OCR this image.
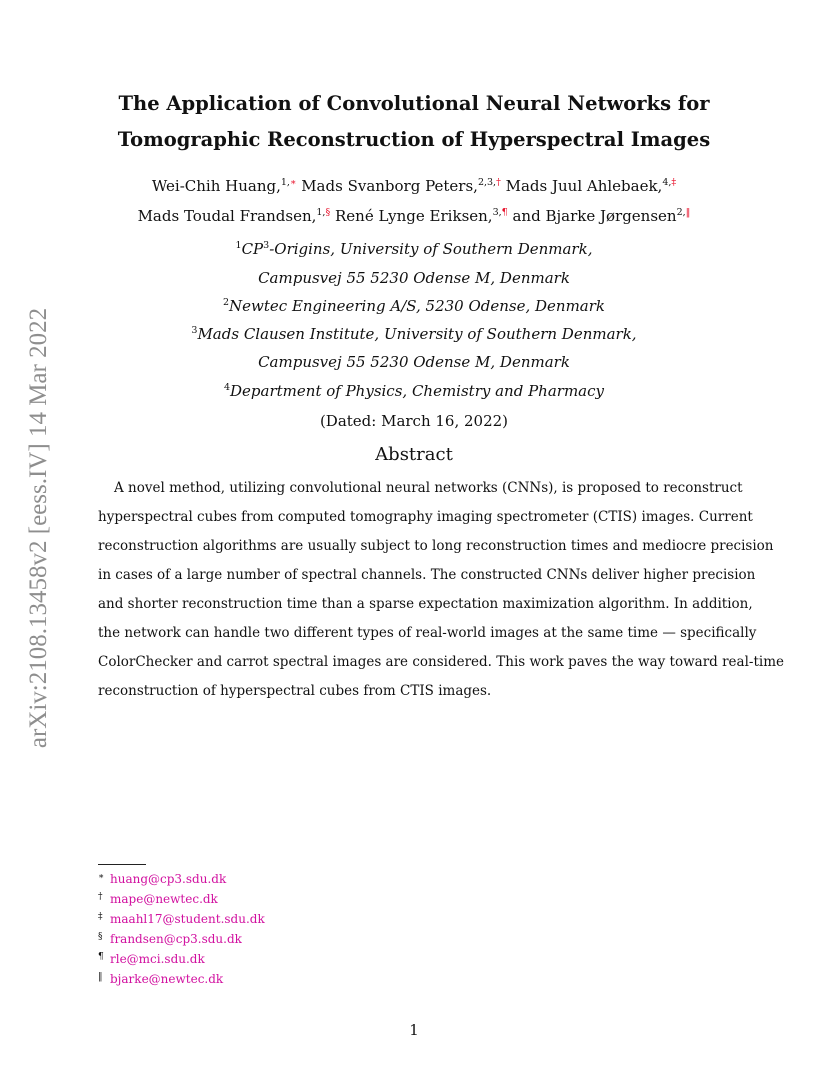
arXiv:2108.13458v2 [eess.IV] 14 Mar 2022
The Application of Convolutional Neural Networks for
Tomographic Reconstruction of Hyperspectral Images
Wei-Chih Huang,$^{1,∗}$ Mads Svanborg Peters,$^{2,3,\dagger}$ Mads Juul Ahlebaek,$^{4,\ddagger}$
Mads Toudal Frandsen,$^{1,\S}$ René Lynge Eriksen,$^{3,\P}$ and Bjarke Jørgensen$^{2,‖}$
$^1CP^3$-Origins, University of Southern Denmark,
Campusvej 55 5230 Odense M, Denmark
$^2$Newtec Engineering A/S, 5230 Odense, Denmark
$^3$Mads Clausen Institute, University of Southern Denmark,
Campusvej 55 5230 Odense M, Denmark
$^4$Department of Physics, Chemistry and Pharmacy
(Dated: March 16, 2022)
Abstract
A novel method, utilizing convolutional neural networks (CNNs), is proposed to reconstruct
hyperspectral cubes from computed tomography imaging spectrometer (CTIS) images. Current
reconstruction algorithms are usually subject to long reconstruction times and mediocre precision
in cases of a large number of spectral channels. The constructed CNNs deliver higher precision
and shorter reconstruction time than a sparse expectation maximization algorithm. In addition,
the network can handle two different types of real-world images at the same time — specifically
ColorChecker and carrot spectral images are considered. This work paves the way toward real-time
reconstruction of hyperspectral cubes from CTIS images.
∗ huang@cp3.sdu.dk
† mape@newtec.dk
‡ maahl17@student.sdu.dk
§ frandsen@cp3.sdu.dk
¶ rle@mci.sdu.dk
‖ bjarke@newtec.dk
1
